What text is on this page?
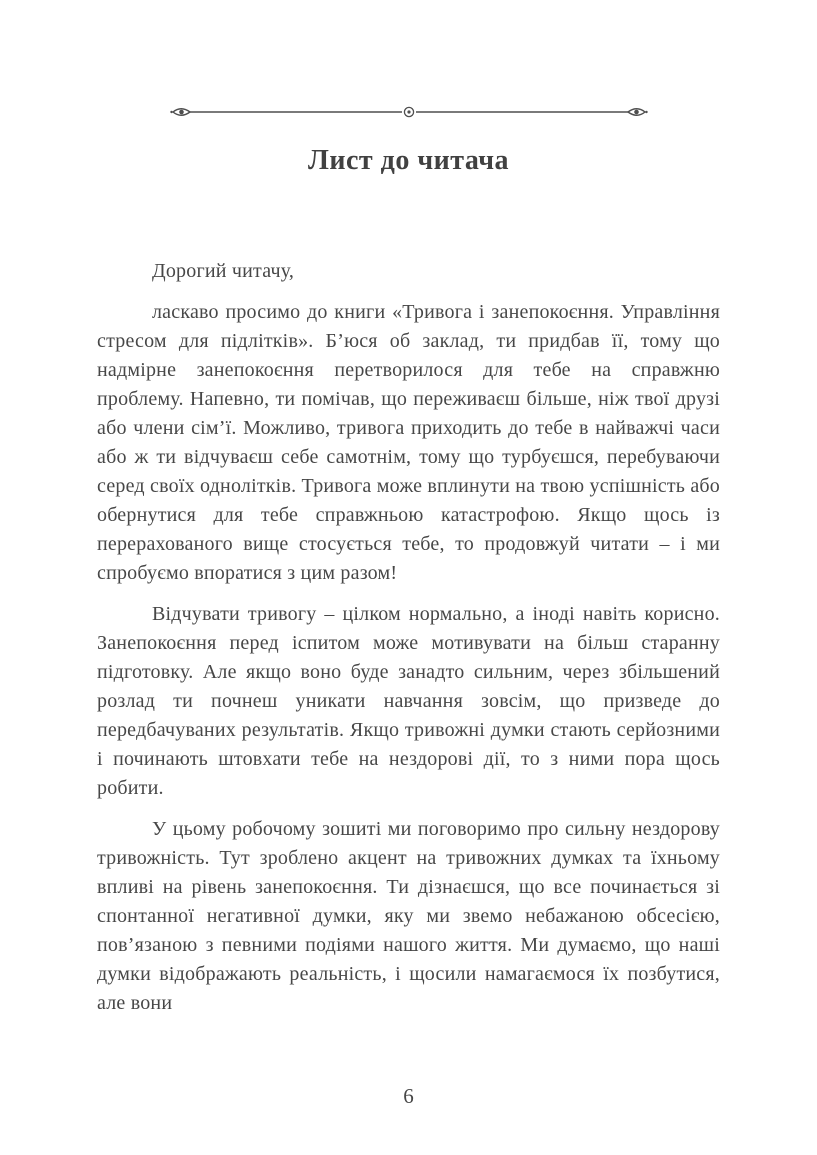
Лист до читача

Дорогий читачу,

ласкаво просимо до книги «Тривога і занепокоєння. Управління стресом для підлітків». Б’юся об заклад, ти придбав її, тому що надмірне занепокоєння перетворилося для тебе на справжню проблему. Напевно, ти помічав, що переживаєш більше, ніж твої друзі або члени сім’ї. Можливо, тривога приходить до тебе в найважчі часи або ж ти відчуваєш себе самотнім, тому що турбуєшся, перебуваючи серед своїх однолітків. Тривога може вплинути на твою успішність або обернутися для тебе справжньою катастрофою. Якщо щось із перерахованого вище стосується тебе, то продовжуй читати – і ми спробуємо впоратися з цим разом!

Відчувати тривогу – цілком нормально, а іноді навіть корисно. Занепокоєння перед іспитом може мотивувати на більш старанну підготовку. Але якщо воно буде занадто сильним, через збільшений розлад ти почнеш уникати навчання зовсім, що призведе до передбачуваних результатів. Якщо тривожні думки стають серйозними і починають штовхати тебе на нездорові дії, то з ними пора щось робити.

У цьому робочому зошиті ми поговоримо про сильну нездорову тривожність. Тут зроблено акцент на тривожних думках та їхньому впливі на рівень занепокоєння. Ти дізнаєшся, що все починається зі спонтанної негативної думки, яку ми звемо небажаною обсесією, пов’язаною з певними подіями нашого життя. Ми думаємо, що наші думки відображають реальність, і щосили намагаємося їх позбутися, але вони

6
